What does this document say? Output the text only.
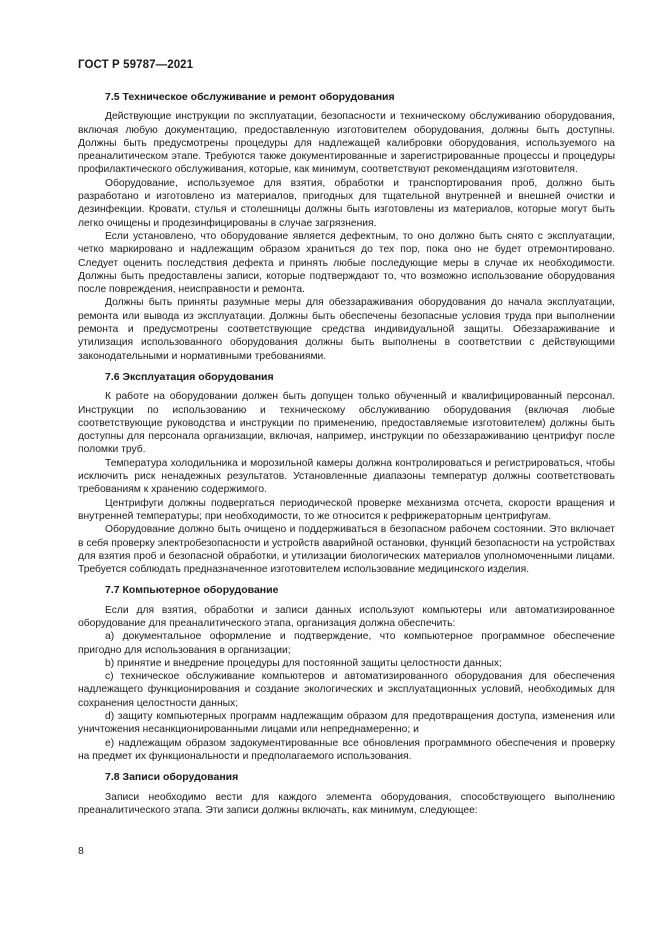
ГОСТ Р 59787—2021
7.5 Техническое обслуживание и ремонт оборудования

Действующие инструкции по эксплуатации, безопасности и техническому обслуживанию оборудования, включая любую документацию, предоставленную изготовителем оборудования, должны быть доступны. Должны быть предусмотрены процедуры для надлежащей калибровки оборудования, используемого на преаналитическом этапе. Требуются также документированные и зарегистрированные процессы и процедуры профилактического обслуживания, которые, как минимум, соответствуют рекомендациям изготовителя.

Оборудование, используемое для взятия, обработки и транспортирования проб, должно быть разработано и изготовлено из материалов, пригодных для тщательной внутренней и внешней очистки и дезинфекции. Кровати, стулья и столешницы должны быть изготовлены из материалов, которые могут быть легко очищены и продезинфицированы в случае загрязнения.

Если установлено, что оборудование является дефектным, то оно должно быть снято с эксплуатации, четко маркировано и надлежащим образом храниться до тех пор, пока оно не будет отремонтировано. Следует оценить последствия дефекта и принять любые последующие меры в случае их необходимости. Должны быть предоставлены записи, которые подтверждают то, что возможно использование оборудования после повреждения, неисправности и ремонта.

Должны быть приняты разумные меры для обеззараживания оборудования до начала эксплуатации, ремонта или вывода из эксплуатации. Должны быть обеспечены безопасные условия труда при выполнении ремонта и предусмотрены соответствующие средства индивидуальной защиты. Обеззараживание и утилизация использованного оборудования должны быть выполнены в соответствии с действующими законодательными и нормативными требованиями.

7.6 Эксплуатация оборудования

К работе на оборудовании должен быть допущен только обученный и квалифицированный персонал. Инструкции по использованию и техническому обслуживанию оборудования (включая любые соответствующие руководства и инструкции по применению, предоставляемые изготовителем) должны быть доступны для персонала организации, включая, например, инструкции по обеззараживанию центрифуг после поломки труб.

Температура холодильника и морозильной камеры должна контролироваться и регистрироваться, чтобы исключить риск ненадежных результатов. Установленные диапазоны температур должны соответствовать требованиям к хранению содержимого.

Центрифуги должны подвергаться периодической проверке механизма отсчета, скорости вращения и внутренней температуры; при необходимости, то же относится к рефрижераторным центрифугам.

Оборудование должно быть очищено и поддерживаться в безопасном рабочем состоянии. Это включает в себя проверку электробезопасности и устройств аварийной остановки, функций безопасности на устройствах для взятия проб и безопасной обработки, и утилизации биологических материалов уполномоченными лицами. Требуется соблюдать предназначенное изготовителем использование медицинского изделия.

7.7 Компьютерное оборудование

Если для взятия, обработки и записи данных используют компьютеры или автоматизированное оборудование для преаналитического этапа, организация должна обеспечить:

a) документальное оформление и подтверждение, что компьютерное программное обеспечение пригодно для использования в организации;

b) принятие и внедрение процедуры для постоянной защиты целостности данных;

c) техническое обслуживание компьютеров и автоматизированного оборудования для обеспечения надлежащего функционирования и создание экологических и эксплуатационных условий, необходимых для сохранения целостности данных;

d) защиту компьютерных программ надлежащим образом для предотвращения доступа, изменения или уничтожения несанкционированными лицами или непреднамеренно; и

e) надлежащим образом задокументированные все обновления программного обеспечения и проверку на предмет их функциональности и предполагаемого использования.

7.8 Записи оборудования

Записи необходимо вести для каждого элемента оборудования, способствующего выполнению преаналитического этапа. Эти записи должны включать, как минимум, следующее:

8
